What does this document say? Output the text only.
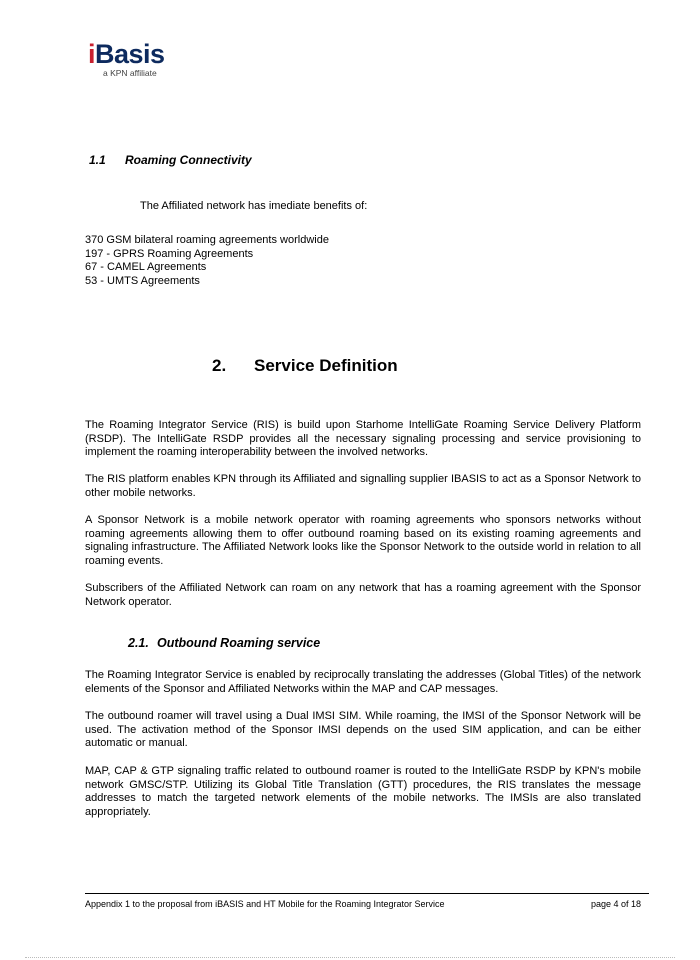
iBasis
a KPN affiliate
1.1 Roaming Connectivity
The Affiliated network has imediate benefits of:
370 GSM bilateral roaming agreements worldwide
197 - GPRS Roaming Agreements
67 - CAMEL Agreements
53 - UMTS Agreements
2. Service Definition
The Roaming Integrator Service (RIS) is build upon Starhome IntelliGate Roaming Service Delivery Platform (RSDP). The IntelliGate RSDP provides all the necessary signaling processing and service provisioning to implement the roaming interoperability between the involved networks.
The RIS platform enables KPN through its Affiliated and signalling supplier IBASIS to act as a Sponsor Network to other mobile networks.
A Sponsor Network is a mobile network operator with roaming agreements who sponsors networks without roaming agreements allowing them to offer outbound roaming based on its existing roaming agreements and signaling infrastructure. The Affiliated Network looks like the Sponsor Network to the outside world in relation to all roaming events.
Subscribers of the Affiliated Network can roam on any network that has a roaming agreement with the Sponsor Network operator.
2.1. Outbound Roaming service
The Roaming Integrator Service is enabled by reciprocally translating the addresses (Global Titles) of the network elements of the Sponsor and Affiliated Networks within the MAP and CAP messages.
The outbound roamer will travel using a Dual IMSI SIM. While roaming, the IMSI of the Sponsor Network will be used. The activation method of the Sponsor IMSI depends on the used SIM application, and can be either automatic or manual.
MAP, CAP & GTP signaling traffic related to outbound roamer is routed to the IntelliGate RSDP by KPN's mobile network GMSC/STP. Utilizing its Global Title Translation (GTT) procedures, the RIS translates the message addresses to match the targeted network elements of the mobile networks. The IMSIs are also translated appropriately.
Appendix 1 to the proposal from iBASIS and HT Mobile for the Roaming Integrator Service	page 4 of 18
